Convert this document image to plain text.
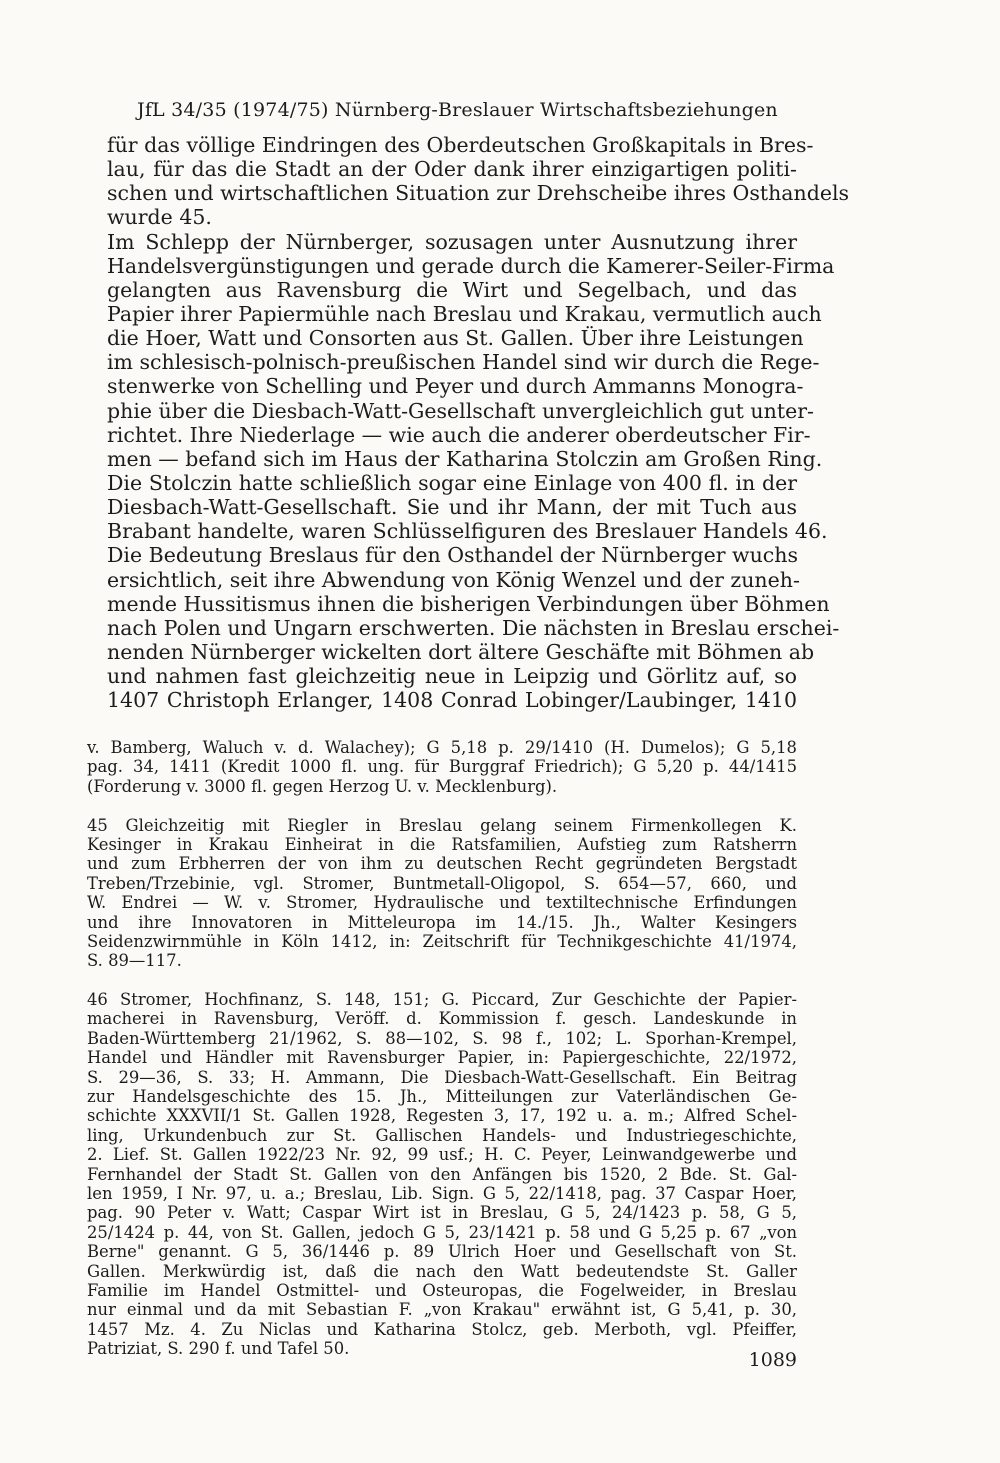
JfL 34/35 (1974/75) Nürnberg-Breslauer Wirtschaftsbeziehungen
für das völlige Eindringen des Oberdeutschen Großkapitals in Bres-
lau, für das die Stadt an der Oder dank ihrer einzigartigen politi-
schen und wirtschaftlichen Situation zur Drehscheibe ihres Osthandels
wurde 45.
Im Schlepp der Nürnberger, sozusagen unter Ausnutzung ihrer
Handelsvergünstigungen und gerade durch die Kamerer-Seiler-Firma
gelangten aus Ravensburg die Wirt und Segelbach, und das
Papier ihrer Papiermühle nach Breslau und Krakau, vermutlich auch
die Hoer, Watt und Consorten aus St. Gallen. Über ihre Leistungen
im schlesisch-polnisch-preußischen Handel sind wir durch die Rege-
stenwerke von Schelling und Peyer und durch Ammanns Monogra-
phie über die Diesbach-Watt-Gesellschaft unvergleichlich gut unter-
richtet. Ihre Niederlage — wie auch die anderer oberdeutscher Fir-
men — befand sich im Haus der Katharina Stolczin am Großen Ring.
Die Stolczin hatte schließlich sogar eine Einlage von 400 fl. in der
Diesbach-Watt-Gesellschaft. Sie und ihr Mann, der mit Tuch aus
Brabant handelte, waren Schlüsselfiguren des Breslauer Handels 46.
Die Bedeutung Breslaus für den Osthandel der Nürnberger wuchs
ersichtlich, seit ihre Abwendung von König Wenzel und der zuneh-
mende Hussitismus ihnen die bisherigen Verbindungen über Böhmen
nach Polen und Ungarn erschwerten. Die nächsten in Breslau erschei-
nenden Nürnberger wickelten dort ältere Geschäfte mit Böhmen ab
und nahmen fast gleichzeitig neue in Leipzig und Görlitz auf, so
1407 Christoph Erlanger, 1408 Conrad Lobinger/Laubinger, 1410
v. Bamberg, Waluch v. d. Walachey); G 5,18 p. 29/1410 (H. Dumelos); G 5,18
pag. 34, 1411 (Kredit 1000 fl. ung. für Burggraf Friedrich); G 5,20 p. 44/1415
(Forderung v. 3000 fl. gegen Herzog U. v. Mecklenburg).
45 Gleichzeitig mit Riegler in Breslau gelang seinem Firmenkollegen K.
Kesinger in Krakau Einheirat in die Ratsfamilien, Aufstieg zum Ratsherrn
und zum Erbherren der von ihm zu deutschen Recht gegründeten Bergstadt
Treben/Trzebinie, vgl. Stromer, Buntmetall-Oligopol, S. 654—57, 660, und
W. Endrei — W. v. Stromer, Hydraulische und textiltechnische Erfindungen
und ihre Innovatoren in Mitteleuropa im 14./15. Jh., Walter Kesingers
Seidenzwirnmühle in Köln 1412, in: Zeitschrift für Technikgeschichte 41/1974,
S. 89—117.
46 Stromer, Hochfinanz, S. 148, 151; G. Piccard, Zur Geschichte der Papier-
macherei in Ravensburg, Veröff. d. Kommission f. gesch. Landeskunde in
Baden-Württemberg 21/1962, S. 88—102, S. 98 f., 102; L. Sporhan-Krempel,
Handel und Händler mit Ravensburger Papier, in: Papiergeschichte, 22/1972,
S. 29—36, S. 33; H. Ammann, Die Diesbach-Watt-Gesellschaft. Ein Beitrag
zur Handelsgeschichte des 15. Jh., Mitteilungen zur Vaterländischen Ge-
schichte XXXVII/1 St. Gallen 1928, Regesten 3, 17, 192 u. a. m.; Alfred Schel-
ling, Urkundenbuch zur St. Gallischen Handels- und Industriegeschichte,
2. Lief. St. Gallen 1922/23 Nr. 92, 99 usf.; H. C. Peyer, Leinwandgewerbe und
Fernhandel der Stadt St. Gallen von den Anfängen bis 1520, 2 Bde. St. Gal-
len 1959, I Nr. 97, u. a.; Breslau, Lib. Sign. G 5, 22/1418, pag. 37 Caspar Hoer,
pag. 90 Peter v. Watt; Caspar Wirt ist in Breslau, G 5, 24/1423 p. 58, G 5,
25/1424 p. 44, von St. Gallen, jedoch G 5, 23/1421 p. 58 und G 5,25 p. 67 „von
Berne" genannt. G 5, 36/1446 p. 89 Ulrich Hoer und Gesellschaft von St.
Gallen. Merkwürdig ist, daß die nach den Watt bedeutendste St. Galler
Familie im Handel Ostmittel- und Osteuropas, die Fogelweider, in Breslau
nur einmal und da mit Sebastian F. „von Krakau" erwähnt ist, G 5,41, p. 30,
1457 Mz. 4. Zu Niclas und Katharina Stolcz, geb. Merboth, vgl. Pfeiffer,
Patriziat, S. 290 f. und Tafel 50.
1089
